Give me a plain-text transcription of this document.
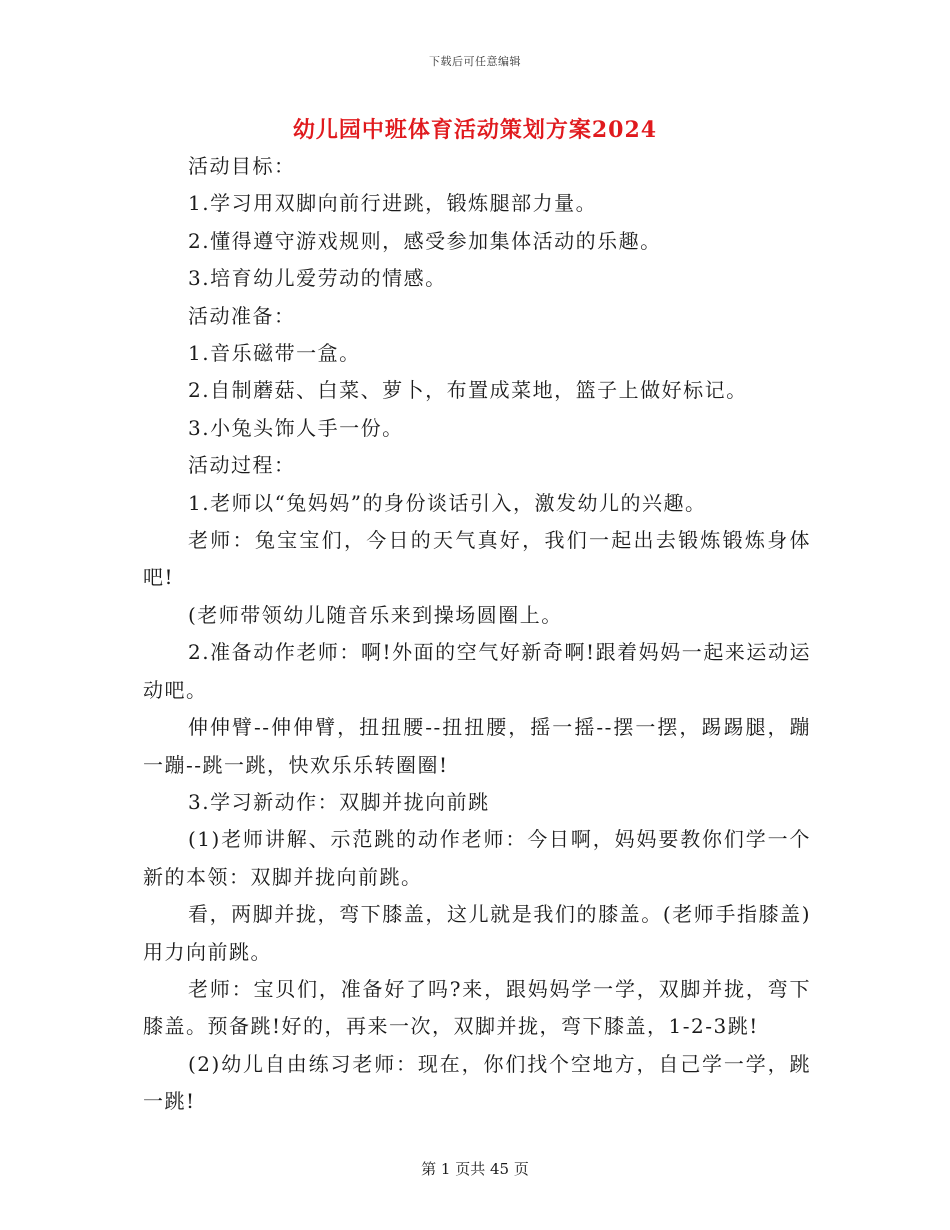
下载后可任意编辑
幼儿园中班体育活动策划方案2024

活动目标：

1.学习用双脚向前行进跳，锻炼腿部力量。

2.懂得遵守游戏规则，感受参加集体活动的乐趣。

3.培育幼儿爱劳动的情感。

活动准备：

1.音乐磁带一盒。

2.自制蘑菇、白菜、萝卜，布置成菜地，篮子上做好标记。

3.小兔头饰人手一份。

活动过程：

1.老师以“兔妈妈”的身份谈话引入，激发幼儿的兴趣。

老师：兔宝宝们，今日的天气真好，我们一起出去锻炼锻炼身体吧!

(老师带领幼儿随音乐来到操场圆圈上。

2.准备动作老师：啊!外面的空气好新奇啊!跟着妈妈一起来运动运动吧。

伸伸臂--伸伸臂，扭扭腰--扭扭腰，摇一摇--摆一摆，踢踢腿，蹦一蹦--跳一跳，快欢乐乐转圈圈!

3.学习新动作：双脚并拢向前跳

(1)老师讲解、示范跳的动作老师：今日啊，妈妈要教你们学一个新的本领：双脚并拢向前跳。

看，两脚并拢，弯下膝盖，这儿就是我们的膝盖。(老师手指膝盖)用力向前跳。

老师：宝贝们，准备好了吗?来，跟妈妈学一学，双脚并拢，弯下膝盖。预备跳!好的，再来一次，双脚并拢，弯下膝盖，1-2-3跳!

(2)幼儿自由练习老师：现在，你们找个空地方，自己学一学，跳一跳!

第 1 页共 45 页
